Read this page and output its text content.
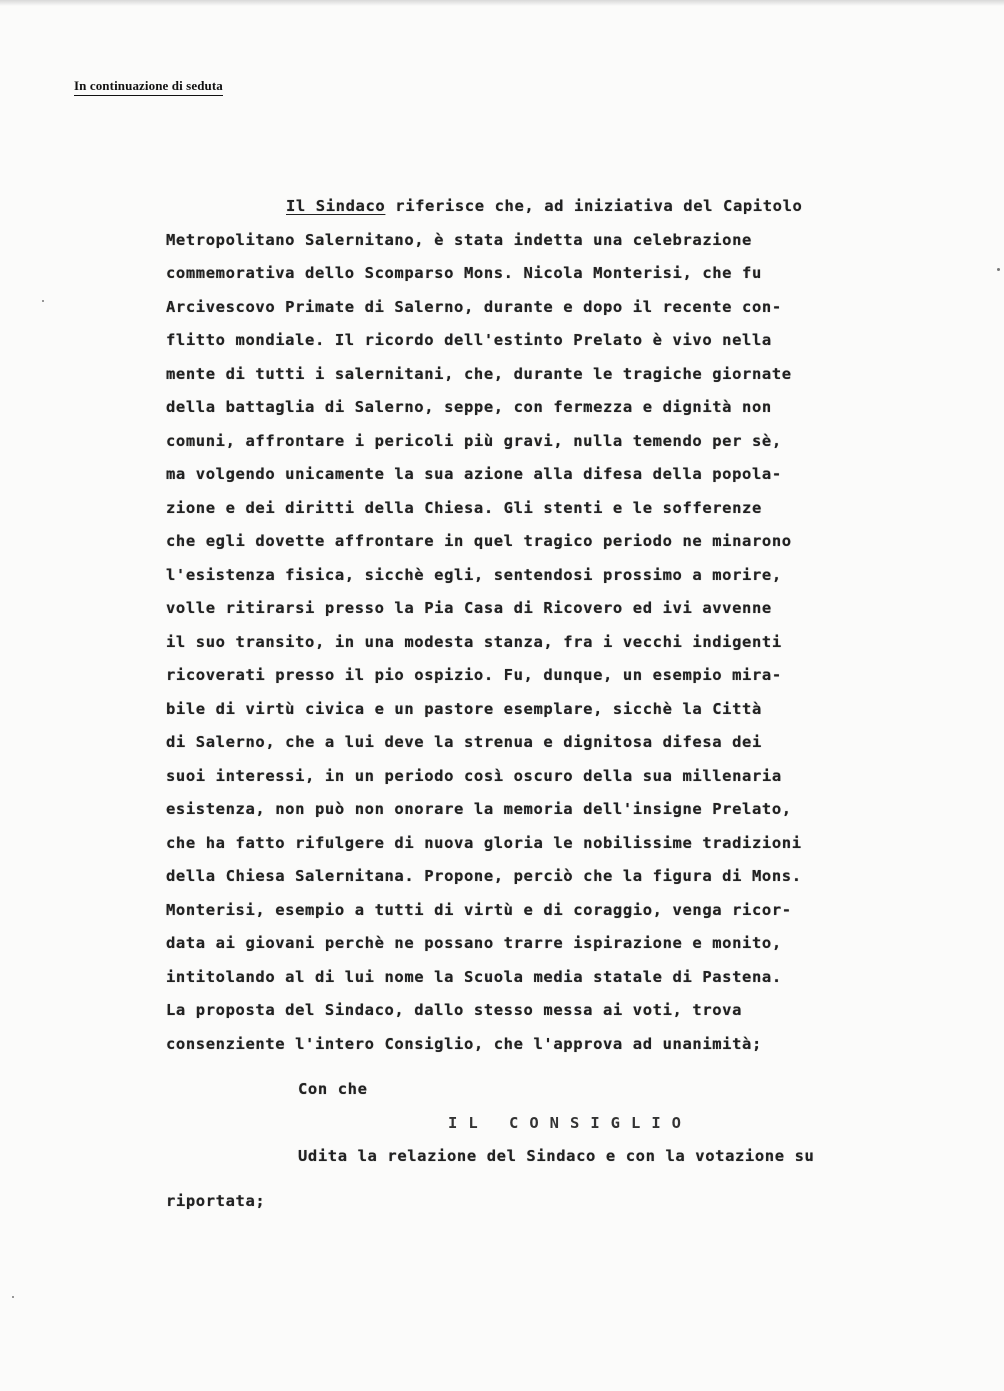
In continuazione di seduta
Il Sindaco riferisce che, ad iniziativa del Capitolo
Metropolitano Salernitano, è stata indetta una celebrazione
commemorativa dello Scomparso Mons. Nicola Monterisi, che fu
Arcivescovo Primate di Salerno, durante e dopo il recente con-
flitto mondiale. Il ricordo dell'estinto Prelato è vivo nella
mente di tutti i salernitani, che, durante le tragiche giornate
della battaglia di Salerno, seppe, con fermezza e dignità non
comuni, affrontare i pericoli più gravi, nulla temendo per sè,
ma volgendo unicamente la sua azione alla difesa della popola-
zione e dei diritti della Chiesa. Gli stenti e le sofferenze
che egli dovette affrontare in quel tragico periodo ne minarono
l'esistenza fisica, sicchè egli, sentendosi prossimo a morire,
volle ritirarsi presso la Pia Casa di Ricovero ed ivi avvenne
il suo transito, in una modesta stanza, fra i vecchi indigenti
ricoverati presso il pio ospizio. Fu, dunque, un esempio mira-
bile di virtù civica e un pastore esemplare, sicchè la Città
di Salerno, che a lui deve la strenua e dignitosa difesa dei
suoi interessi, in un periodo così oscuro della sua millenaria
esistenza, non può non onorare la memoria dell'insigne Prelato,
che ha fatto rifulgere di nuova gloria le nobilissime tradizioni
della Chiesa Salernitana. Propone, perciò che la figura di Mons.
Monterisi, esempio a tutti di virtù e di coraggio, venga ricor-
data ai giovani perchè ne possano trarre ispirazione e monito,
intitolando al di lui nome la Scuola media statale di Pastena.
La proposta del Sindaco, dallo stesso messa ai voti, trova
consenziente l'intero Consiglio, che l'approva ad unanimità;
Con che
IL CONSIGLIO
Udita la relazione del Sindaco e con la votazione su
riportata;
